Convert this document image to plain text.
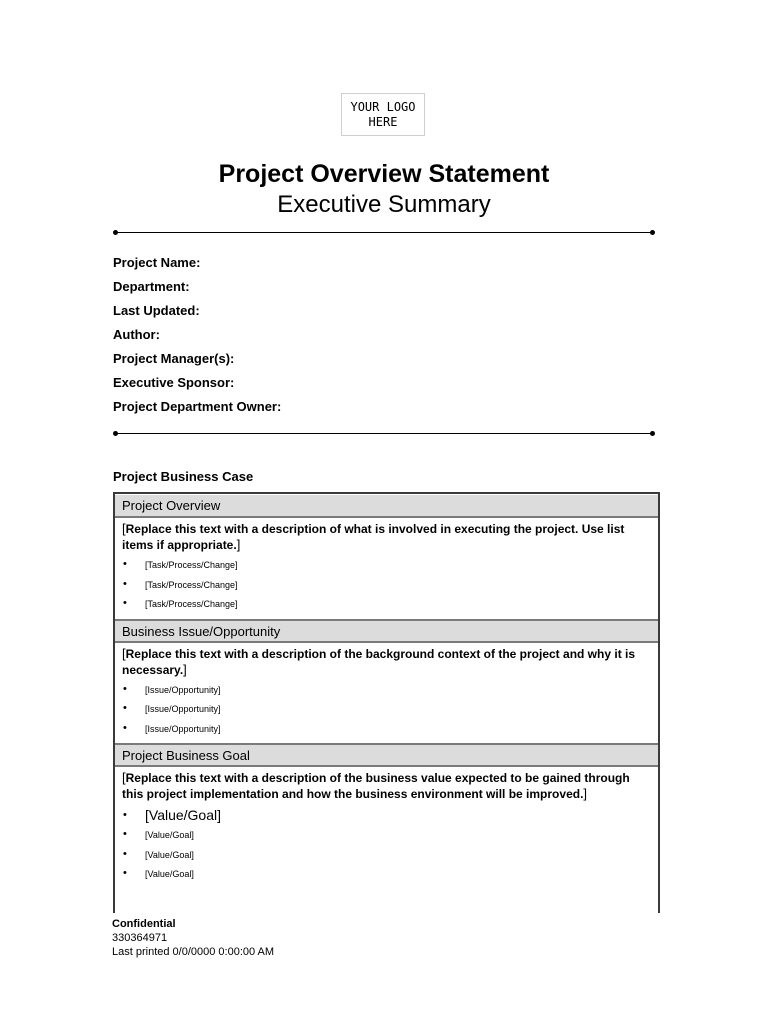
YOUR LOGO
HERE
Project Overview Statement
Executive Summary
Project Name:
Department:
Last Updated:
Author:
Project Manager(s):
Executive Sponsor:
Project Department Owner:
Project Business Case
Project Overview

[Replace this text with a description of what is involved in executing the project. Use list items if appropriate.]

• [Task/Process/Change]
• [Task/Process/Change]
• [Task/Process/Change]
Business Issue/Opportunity

[Replace this text with a description of the background context of the project and why it is necessary.]

• [Issue/Opportunity]
• [Issue/Opportunity]
• [Issue/Opportunity]
Project Business Goal

[Replace this text with a description of the business value expected to be gained through this project implementation and how the business environment will be improved.]

• [Value/Goal]
• [Value/Goal]
• [Value/Goal]
• [Value/Goal]
Confidential
330364971
Last printed 0/0/0000 0:00:00 AM
